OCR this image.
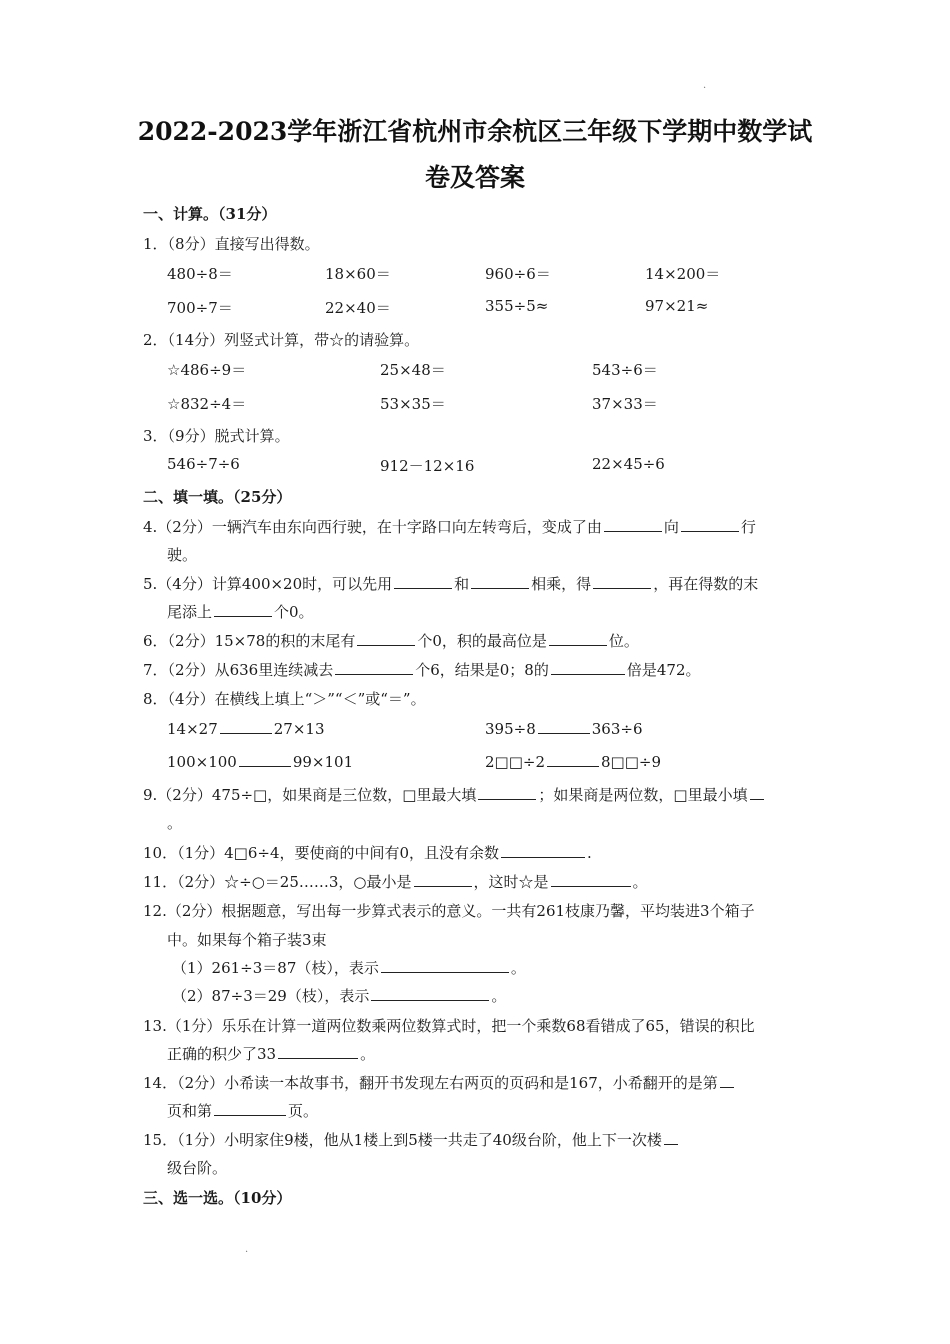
.
2022-2023学年浙江省杭州市余杭区三年级下学期中数学试
卷及答案
一、计算。（31分）
1．（8分）直接写出得数。
480÷8＝	18×60＝	960÷6＝	14×200＝
700÷7＝	22×40＝	355÷5≈	97×21≈
2．（14分）列竖式计算，带☆的请验算。
☆486÷9＝	25×48＝	543÷6＝
☆832÷4＝	53×35＝	37×33＝
3．（9分）脱式计算。
546÷7÷6	912－12×16	22×45÷6
二、填一填。（25分）
4.（2分）一辆汽车由东向西行驶，在十字路口向左转弯后，变成了由	向	行
驶。
5.（4分）计算400×20时，可以先用	和	相乘，得	，再在得数的末
尾添上	个0。
6．（2分）15×78的积的末尾有	个0，积的最高位是	位。
7．（2分）从636里连续减去	个6，结果是0；8的	倍是472。
8．（4分）在横线上填上“＞”“＜”或“＝”。
14×27	27×13	395÷8	363÷6
100×100	99×101	2□□÷2	8□□÷9
9.（2分）475÷□，如果商是三位数，□里最大填	；如果商是两位数，□里最小填
。
10．（1分）4□6÷4，要使商的中间有0，且没有余数	.
11．（2分）☆÷○＝25……3，○最小是	，这时☆是	。
12.（2分）根据题意，写出每一步算式表示的意义。一共有261枝康乃馨，平均装进3个箱子
中。如果每个箱子装3束
（1）261÷3＝87（枝），表示	。
（2）87÷3＝29（枝），表示	。
13.（1分）乐乐在计算一道两位数乘两位数算式时，把一个乘数68看错成了65，错误的积比
正确的积少了33	。
14．（2分）小希读一本故事书，翻开书发现左右两页的页码和是167，小希翻开的是第
页和第	页。
15．（1分）小明家住9楼，他从1楼上到5楼一共走了40级台阶，他上下一次楼
级台阶。
三、选一选。（10分）
.
